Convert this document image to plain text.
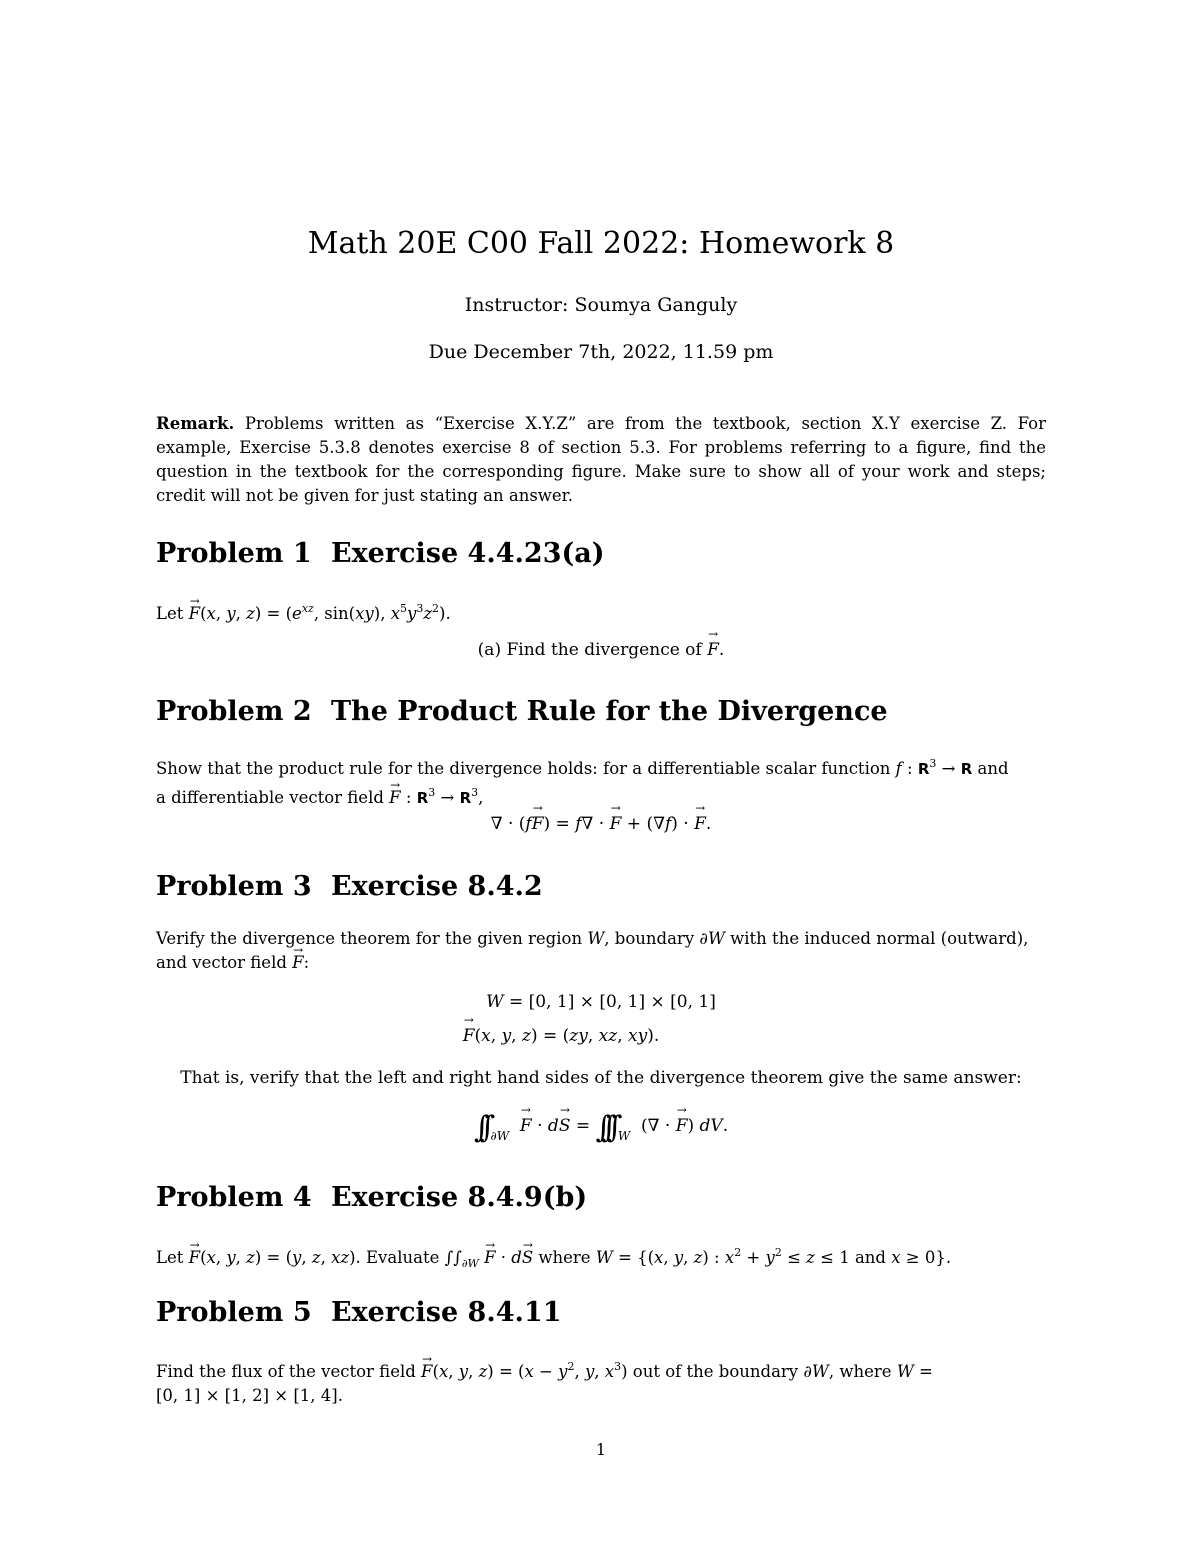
Math 20E C00 Fall 2022: Homework 8
Instructor: Soumya Ganguly
Due December 7th, 2022, 11.59 pm
Remark. Problems written as “Exercise X.Y.Z” are from the textbook, section X.Y exercise Z. For example, Exercise 5.3.8 denotes exercise 8 of section 5.3. For problems referring to a figure, find the question in the textbook for the corresponding figure. Make sure to show all of your work and steps; credit will not be given for just stating an answer.
Problem 1 Exercise 4.4.23(a)
Let → F(x, y, $z) = (e^{xz}$, sin(xy), $x^5y^3z^2$).
(a) Find the divergence of → F.
Problem 2 The Product Rule for the Divergence
Show that the product rule for the divergence holds: for a differentiable scalar function f : $R^3 \to R$ and
a differentiable vector field → F : $R^3 \to R^3$,
∇ · (f→ F) = f∇ · → F + (∇f) · → F.
Problem 3 Exercise 8.4.2
Verify the divergence theorem for the given region W, boundary ∂W with the induced normal (outward),
and vector field → F:
W = [0, 1] × [0, 1] × [0, 1]
→ F(x, y, z) = (zy, xz, xy).
That is, verify that the left and right hand sides of the divergence theorem give the same answer:
∫∫ $_{\partial W}$ → F · d→ S = ∫∫∫ $_W$  (∇ · → F) dV.
Problem 4 Exercise 8.4.9(b)
Let → F(x, y, z) = (y, z, xz). Evaluate $\int\int_{\partial W} \to F \cdot d\to S$ where W = {(x, y, z) : $x^2 + y^2 \le z \le 1$ and x ≥ 0}.
Problem 5 Exercise 8.4.11
Find the flux of the vector field → F(x, y, $z) = (x - y^2$, y, $x^3$) out of the boundary ∂W, where W =
[0, 1] × [1, 2] × [1, 4].
1
